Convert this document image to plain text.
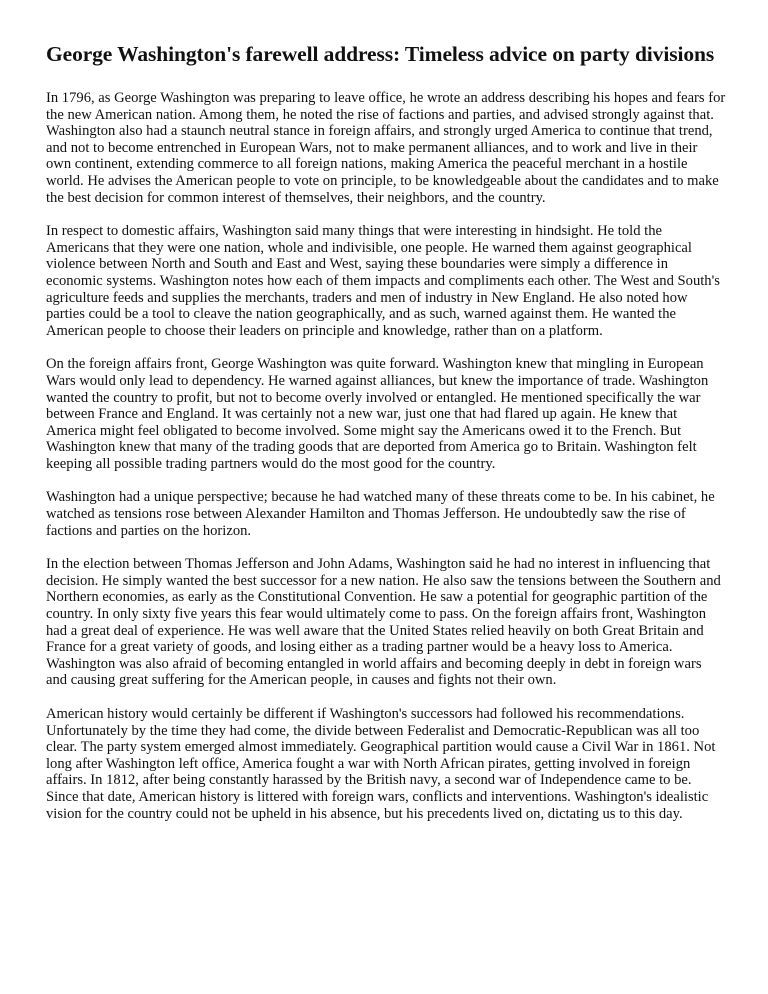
George Washington's farewell address: Timeless advice on party divisions

In 1796, as George Washington was preparing to leave office, he wrote an address describing his hopes and fears for the new American nation. Among them, he noted the rise of factions and parties, and advised strongly against that. Washington also had a staunch neutral stance in foreign affairs, and strongly urged America to continue that trend, and not to become entrenched in European Wars, not to make permanent alliances, and to work and live in their own continent, extending commerce to all foreign nations, making America the peaceful merchant in a hostile world. He advises the American people to vote on principle, to be knowledgeable about the candidates and to make the best decision for common interest of themselves, their neighbors, and the country.

In respect to domestic affairs, Washington said many things that were interesting in hindsight. He told the Americans that they were one nation, whole and indivisible, one people. He warned them against geographical violence between North and South and East and West, saying these boundaries were simply a difference in economic systems. Washington notes how each of them impacts and compliments each other. The West and South's agriculture feeds and supplies the merchants, traders and men of industry in New England. He also noted how parties could be a tool to cleave the nation geographically, and as such, warned against them. He wanted the American people to choose their leaders on principle and knowledge, rather than on a platform.

On the foreign affairs front, George Washington was quite forward. Washington knew that mingling in European Wars would only lead to dependency. He warned against alliances, but knew the importance of trade. Washington wanted the country to profit, but not to become overly involved or entangled. He mentioned specifically the war between France and England. It was certainly not a new war, just one that had flared up again. He knew that America might feel obligated to become involved. Some might say the Americans owed it to the French. But Washington knew that many of the trading goods that are deported from America go to Britain. Washington felt keeping all possible trading partners would do the most good for the country.

Washington had a unique perspective; because he had watched many of these threats come to be. In his cabinet, he watched as tensions rose between Alexander Hamilton and Thomas Jefferson. He undoubtedly saw the rise of factions and parties on the horizon.

In the election between Thomas Jefferson and John Adams, Washington said he had no interest in influencing that decision. He simply wanted the best successor for a new nation. He also saw the tensions between the Southern and Northern economies, as early as the Constitutional Convention. He saw a potential for geographic partition of the country. In only sixty five years this fear would ultimately come to pass. On the foreign affairs front, Washington had a great deal of experience. He was well aware that the United States relied heavily on both Great Britain and France for a great variety of goods, and losing either as a trading partner would be a heavy loss to America. Washington was also afraid of becoming entangled in world affairs and becoming deeply in debt in foreign wars and causing great suffering for the American people, in causes and fights not their own.

American history would certainly be different if Washington's successors had followed his recommendations. Unfortunately by the time they had come, the divide between Federalist and Democratic-Republican was all too clear. The party system emerged almost immediately. Geographical partition would cause a Civil War in 1861. Not long after Washington left office, America fought a war with North African pirates, getting involved in foreign affairs. In 1812, after being constantly harassed by the British navy, a second war of Independence came to be. Since that date, American history is littered with foreign wars, conflicts and interventions. Washington's idealistic vision for the country could not be upheld in his absence, but his precedents lived on, dictating us to this day.
